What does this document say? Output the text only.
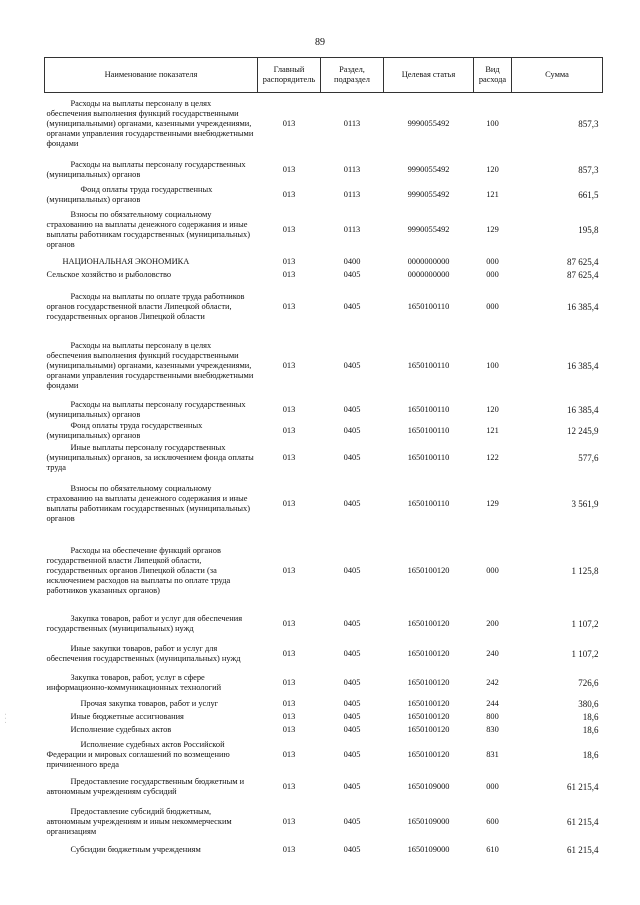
89
Наименование показателя	Главный распорядитель	Раздел, подраздел	Целевая статья	Вид расхода	Сумма
Расходы на выплаты персоналу в целях обеспечения выполнения функций государственными (муниципальными) органами, казенными учреждениями, органами управления государственными внебюджетными фондами	013	0113	9990055492	100	857,3
Расходы на выплаты персоналу государственных (муниципальных) органов	013	0113	9990055492	120	857,3
Фонд оплаты труда государственных (муниципальных) органов	013	0113	9990055492	121	661,5
Взносы по обязательному социальному страхованию на выплаты денежного содержания и иные выплаты работникам государственных (муниципальных) органов	013	0113	9990055492	129	195,8
НАЦИОНАЛЬНАЯ ЭКОНОМИКА	013	0400	0000000000	000	87 625,4
Сельское хозяйство и рыболовство	013	0405	0000000000	000	87 625,4
Расходы на выплаты по оплате труда работников органов государственной власти Липецкой области, государственных органов Липецкой области	013	0405	1650100110	000	16 385,4
Расходы на выплаты персоналу в целях обеспечения выполнения функций государственными (муниципальными) органами, казенными учреждениями, органами управления государственными внебюджетными фондами	013	0405	1650100110	100	16 385,4
Расходы на выплаты персоналу государственных (муниципальных) органов	013	0405	1650100110	120	16 385,4
Фонд оплаты труда государственных (муниципальных) органов	013	0405	1650100110	121	12 245,9
Иные выплаты персоналу государственных (муниципальных) органов, за исключением фонда оплаты труда	013	0405	1650100110	122	577,6
Взносы по обязательному социальному страхованию на выплаты денежного содержания и иные выплаты работникам государственных (муниципальных) органов	013	0405	1650100110	129	3 561,9
Расходы на обеспечение функций органов государственной власти Липецкой области, государственных органов Липецкой области (за исключением расходов на выплаты по оплате труда работников указанных органов)	013	0405	1650100120	000	1 125,8
Закупка товаров, работ и услуг для обеспечения государственных (муниципальных) нужд	013	0405	1650100120	200	1 107,2
Иные закупки товаров, работ и услуг для обеспечения государственных (муниципальных) нужд	013	0405	1650100120	240	1 107,2
Закупка товаров, работ, услуг в сфере информационно-коммуникационных технологий	013	0405	1650100120	242	726,6
Прочая закупка товаров, работ и услуг	013	0405	1650100120	244	380,6
Иные бюджетные ассигнования	013	0405	1650100120	800	18,6
Исполнение судебных актов	013	0405	1650100120	830	18,6
Исполнение судебных актов Российской Федерации и мировых соглашений по возмещению причиненного вреда	013	0405	1650100120	831	18,6
Предоставление государственным бюджетным и автономным учреждениям субсидий	013	0405	1650109000	000	61 215,4
Предоставление субсидий бюджетным, автономным учреждениям и иным некоммерческим организациям	013	0405	1650109000	600	61 215,4
Субсидии бюджетным учреждениям	013	0405	1650109000	610	61 215,4
· · ·
